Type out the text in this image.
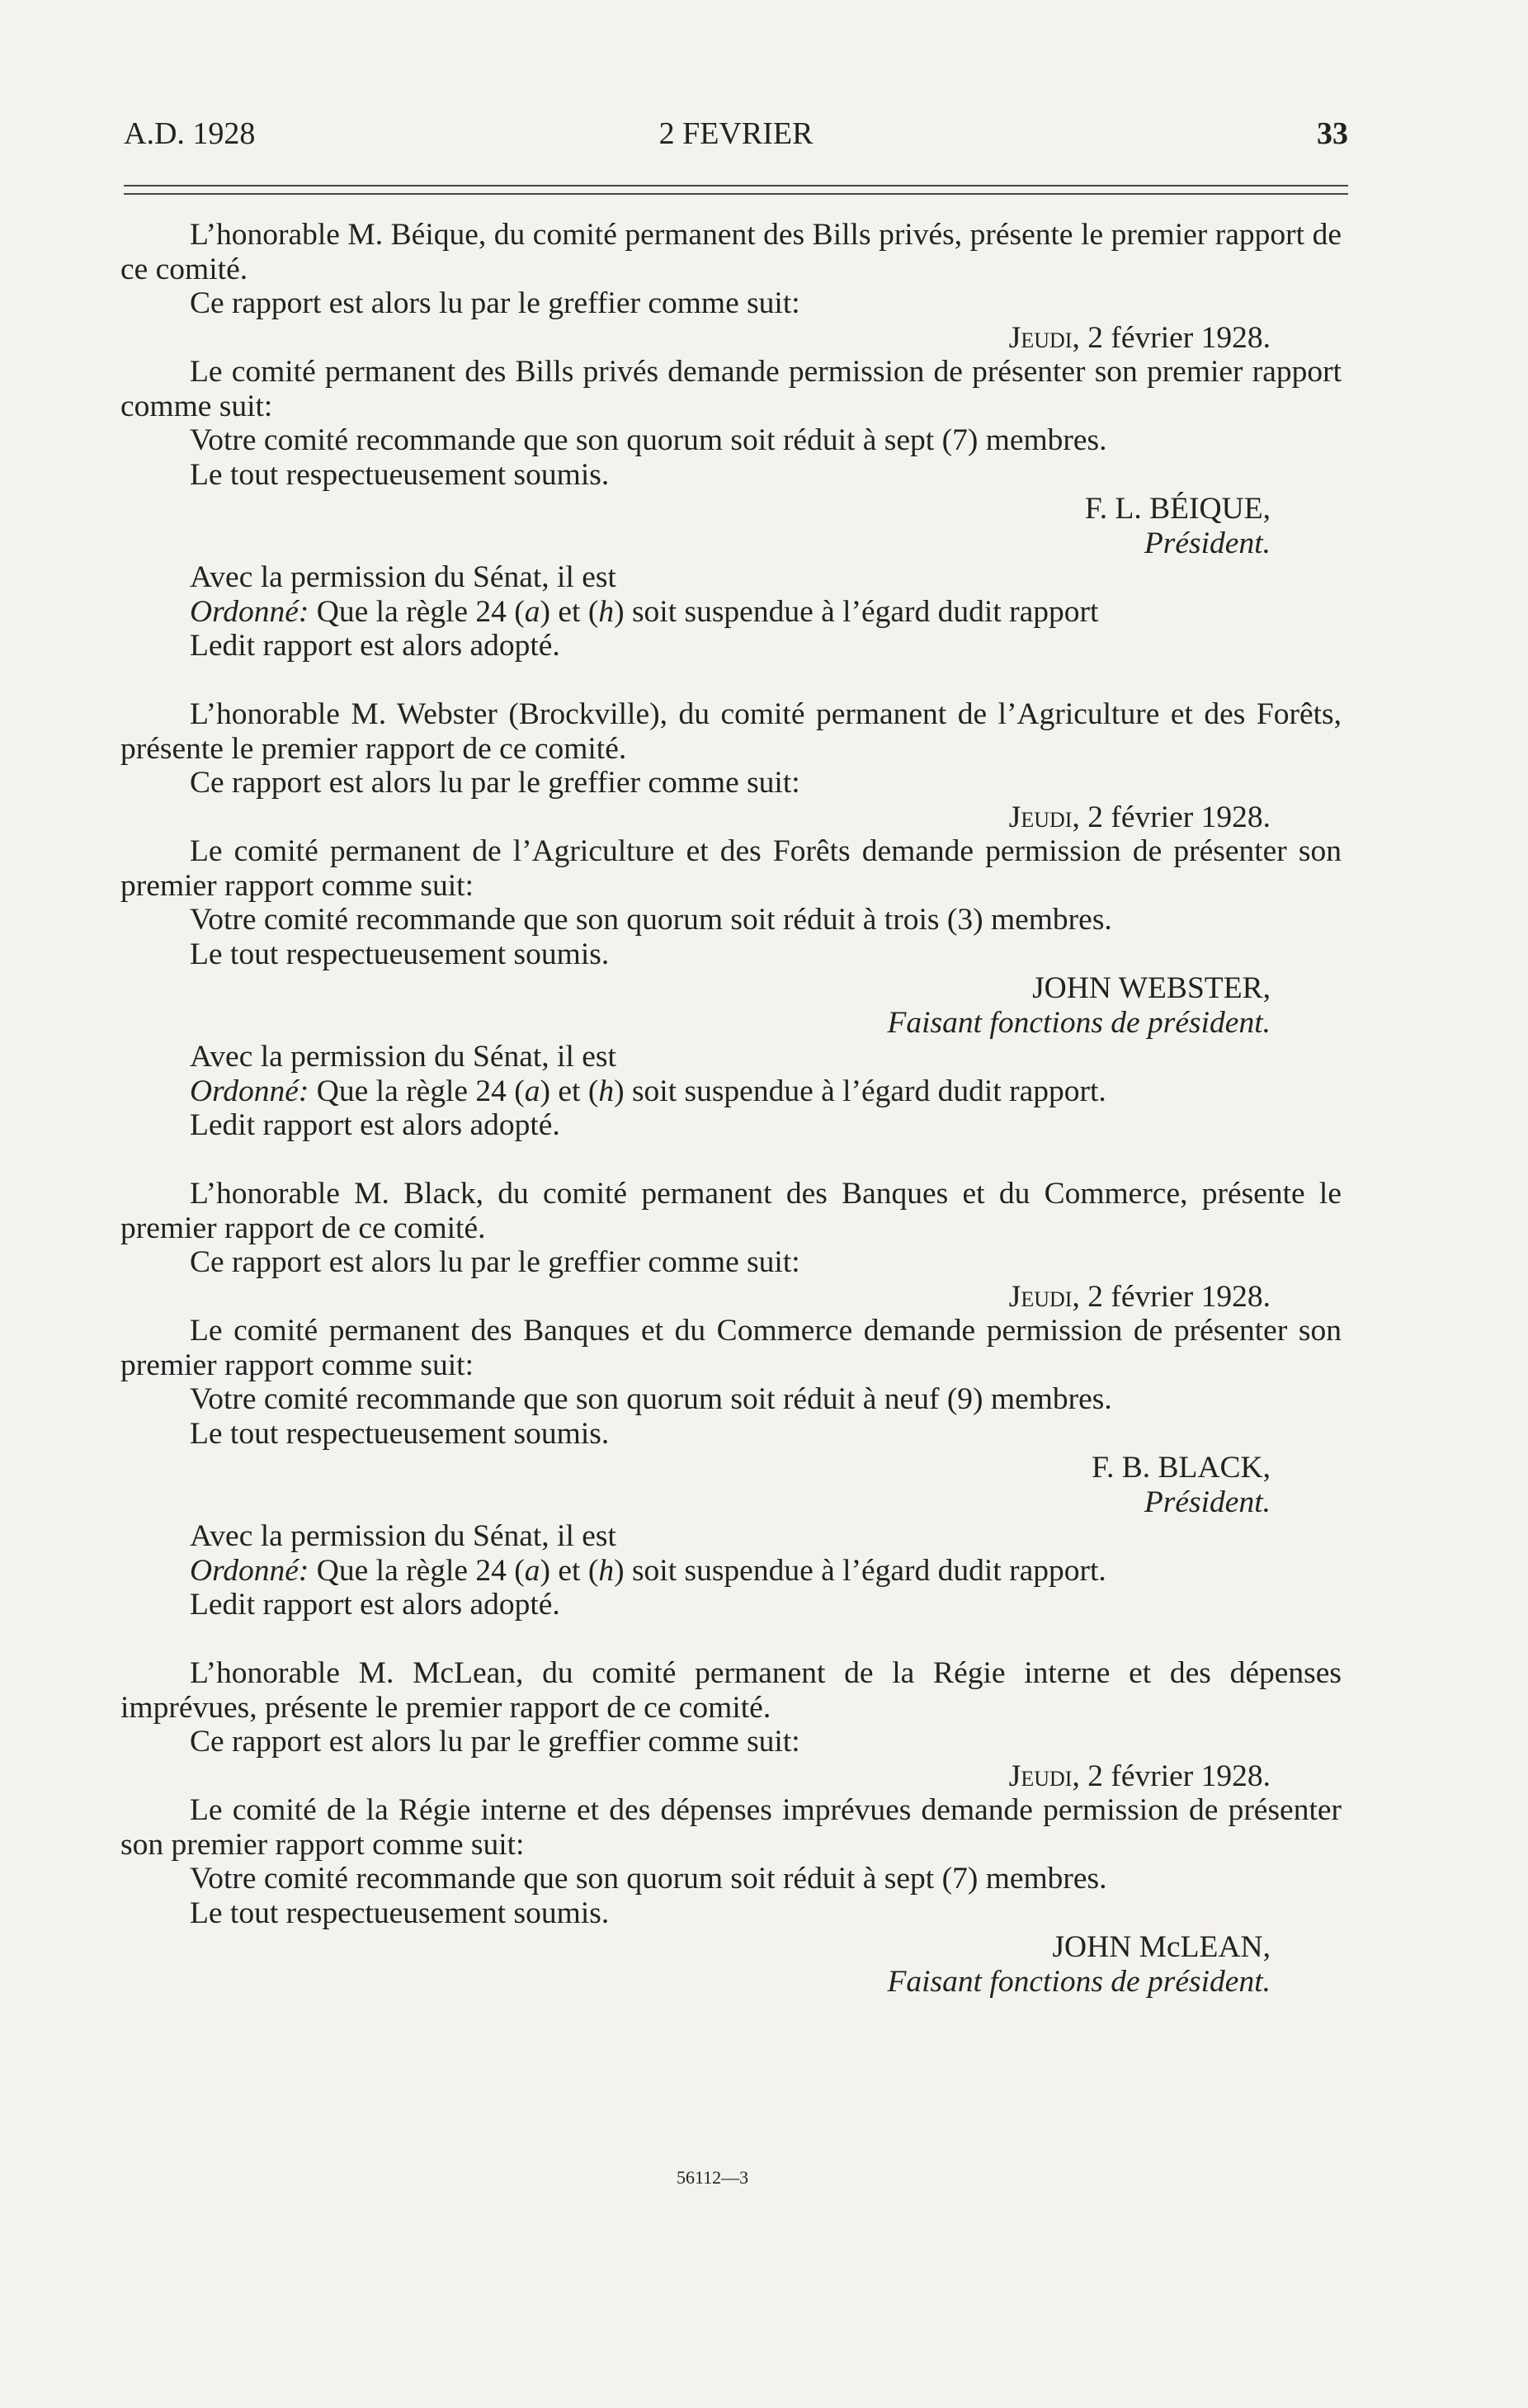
A.D. 1928	2 FEVRIER	33

L’honorable M. Béique, du comité permanent des Bills privés, présente le premier rapport de ce comité.

Ce rapport est alors lu par le greffier comme suit:

Jeudi, 2 février 1928.

Le comité permanent des Bills privés demande permission de présenter son premier rapport comme suit:

Votre comité recommande que son quorum soit réduit à sept (7) membres.

Le tout respectueusement soumis.

F. L. BÉIQUE,

Président.

Avec la permission du Sénat, il est

Ordonné: Que la règle 24 (a) et (h) soit suspendue à l’égard dudit rapport

Ledit rapport est alors adopté.

L’honorable M. Webster (Brockville), du comité permanent de l’Agriculture et des Forêts, présente le premier rapport de ce comité.

Ce rapport est alors lu par le greffier comme suit:

Jeudi, 2 février 1928.

Le comité permanent de l’Agriculture et des Forêts demande permission de présenter son premier rapport comme suit:

Votre comité recommande que son quorum soit réduit à trois (3) membres.

Le tout respectueusement soumis.

JOHN WEBSTER,

Faisant fonctions de président.

Avec la permission du Sénat, il est

Ordonné: Que la règle 24 (a) et (h) soit suspendue à l’égard dudit rapport.

Ledit rapport est alors adopté.

L’honorable M. Black, du comité permanent des Banques et du Commerce, présente le premier rapport de ce comité.

Ce rapport est alors lu par le greffier comme suit:

Jeudi, 2 février 1928.

Le comité permanent des Banques et du Commerce demande permission de présenter son premier rapport comme suit:

Votre comité recommande que son quorum soit réduit à neuf (9) membres.

Le tout respectueusement soumis.

F. B. BLACK,

Président.

Avec la permission du Sénat, il est

Ordonné: Que la règle 24 (a) et (h) soit suspendue à l’égard dudit rapport.

Ledit rapport est alors adopté.

L’honorable M. McLean, du comité permanent de la Régie interne et des dépenses imprévues, présente le premier rapport de ce comité.

Ce rapport est alors lu par le greffier comme suit:

Jeudi, 2 février 1928.

Le comité de la Régie interne et des dépenses imprévues demande permission de présenter son premier rapport comme suit:

Votre comité recommande que son quorum soit réduit à sept (7) membres.

Le tout respectueusement soumis.

JOHN McLEAN,

Faisant fonctions de président.

56112—3
